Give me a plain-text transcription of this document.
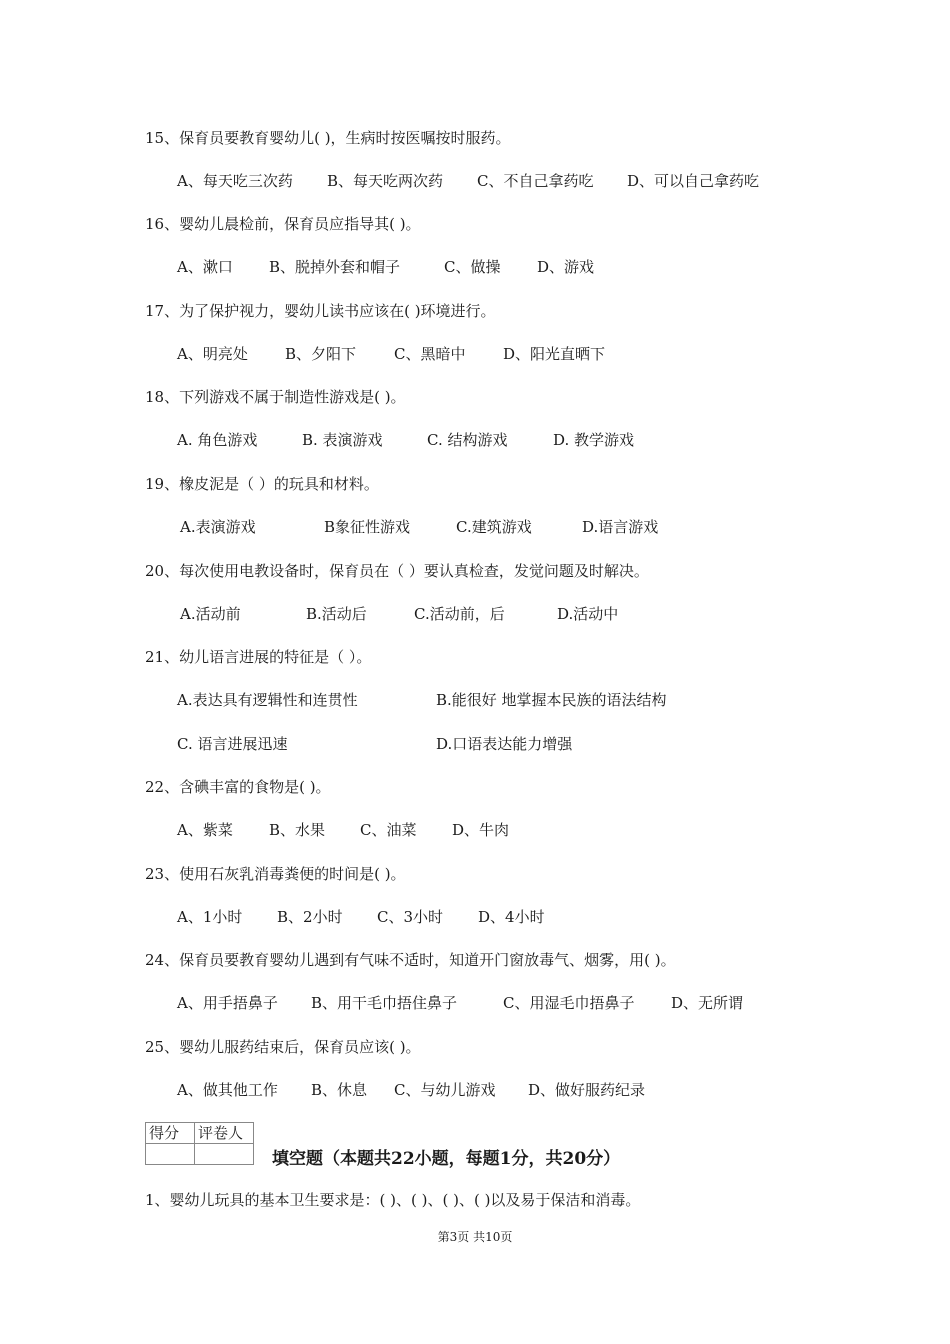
15、保育员要教育婴幼儿( )，生病时按医嘱按时服药。
A、每天吃三次药 B、每天吃两次药 C、不自己拿药吃 D、可以自己拿药吃
16、婴幼儿晨检前，保育员应指导其( )。
A、漱口 B、脱掉外套和帽子	C、做操 D、游戏
17、为了保护视力，婴幼儿读书应该在( )环境进行。
A、明亮处 B、夕阳下	C、黑暗中	D、阳光直晒下
18、下列游戏不属于制造性游戏是( )。
A. 角色游戏	B. 表演游戏	C. 结构游戏	D. 教学游戏
19、橡皮泥是（ ）的玩具和材料。
A.表演游戏	B象征性游戏	C.建筑游戏	D.语言游戏
20、每次使用电教设备时，保育员在（ ）要认真检查，发觉问题及时解决。
A.活动前	B.活动后	C.活动前，后	D.活动中
21、幼儿语言进展的特征是（ ）。
A.表达具有逻辑性和连贯性	B.能很好 地掌握本民族的语法结构
C. 语言进展迅速	D.口语表达能力增强
22、含碘丰富的食物是( )。
A、紫菜 B、水果 C、油菜 D、牛肉
23、使用石灰乳消毒粪便的时间是( )。
A、1小时 B、2小时 C、3小时 D、4小时
24、保育员要教育婴幼儿遇到有气味不适时，知道开门窗放毒气、烟雾，用( )。
A、用手捂鼻子 B、用干毛巾捂住鼻子	C、用湿毛巾捂鼻子 D、无所谓
25、婴幼儿服药结束后，保育员应该( )。
A、做其他工作 B、休息 C、与幼儿游戏 D、做好服药纪录
得分	评卷人

填空题（本题共22小题，每题1分，共20分）
1、婴幼儿玩具的基本卫生要求是：( )、( )、( )、( )以及易于保洁和消毒。
第3页 共10页
